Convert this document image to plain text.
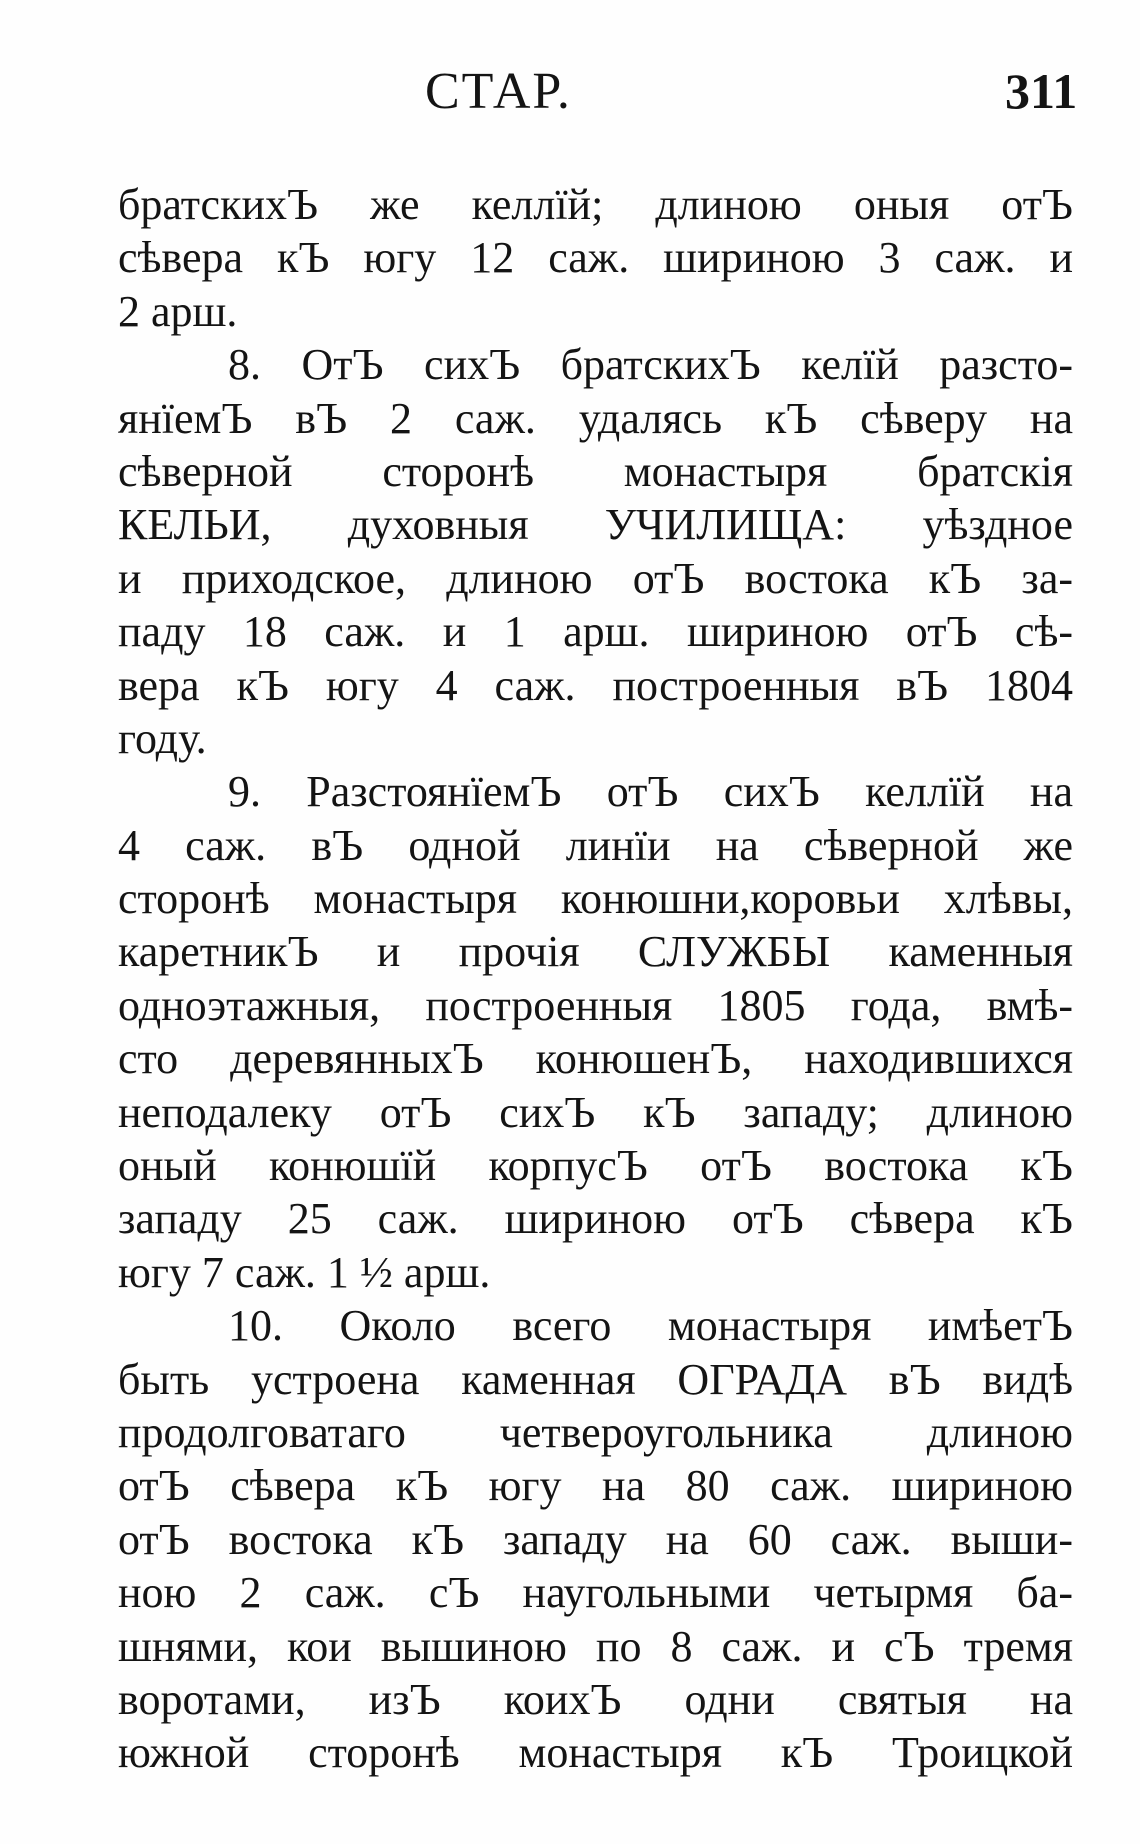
СТАР.	311
братскихЪ же келлїй; длиною оныя отЪ
сѣвера кЪ югу 12 саж. шириною 3 саж. и
2 арш.
8. ОтЪ сихЪ братскихЪ келїй разсто-
янїемЪ вЪ 2 саж. удалясь кЪ сѣверу на
сѣверной сторонѣ монастыря братскія
КЕЛЬИ, духовныя УЧИЛИЩА: уѣздное
и приходское, длиною отЪ востока кЪ за-
паду 18 саж. и 1 арш. шириною отЪ сѣ-
вера кЪ югу 4 саж. построенныя вЪ 1804
году.
9. РазстоянїемЪ отЪ сихЪ келлїй на
4 саж. вЪ одной линїи на сѣверной же
сторонѣ монастыря конюшни,коровьи хлѣвы,
каретникЪ и прочія СЛУЖБЫ каменныя
одноэтажныя, построенныя 1805 года, вмѣ-
сто деревянныхЪ конюшенЪ, находившихся
неподалеку отЪ сихЪ кЪ западу; длиною
оный конюшїй корпусЪ отЪ востока кЪ
западу 25 саж. шириною отЪ сѣвера кЪ
югу 7 саж. 1 ½ арш.
10. Около всего монастыря имѣетЪ
быть устроена каменная ОГРАДА вЪ видѣ
продолговатаго четвероугольника длиною
отЪ сѣвера кЪ югу на 80 саж. шириною
отЪ востока кЪ западу на 60 саж. выши-
ною 2 саж. сЪ наугольными четырмя ба-
шнями, кои вышиною по 8 саж. и сЪ тремя
воротами, изЪ коихЪ одни святыя на
южной сторонѣ монастыря кЪ Троицкой
